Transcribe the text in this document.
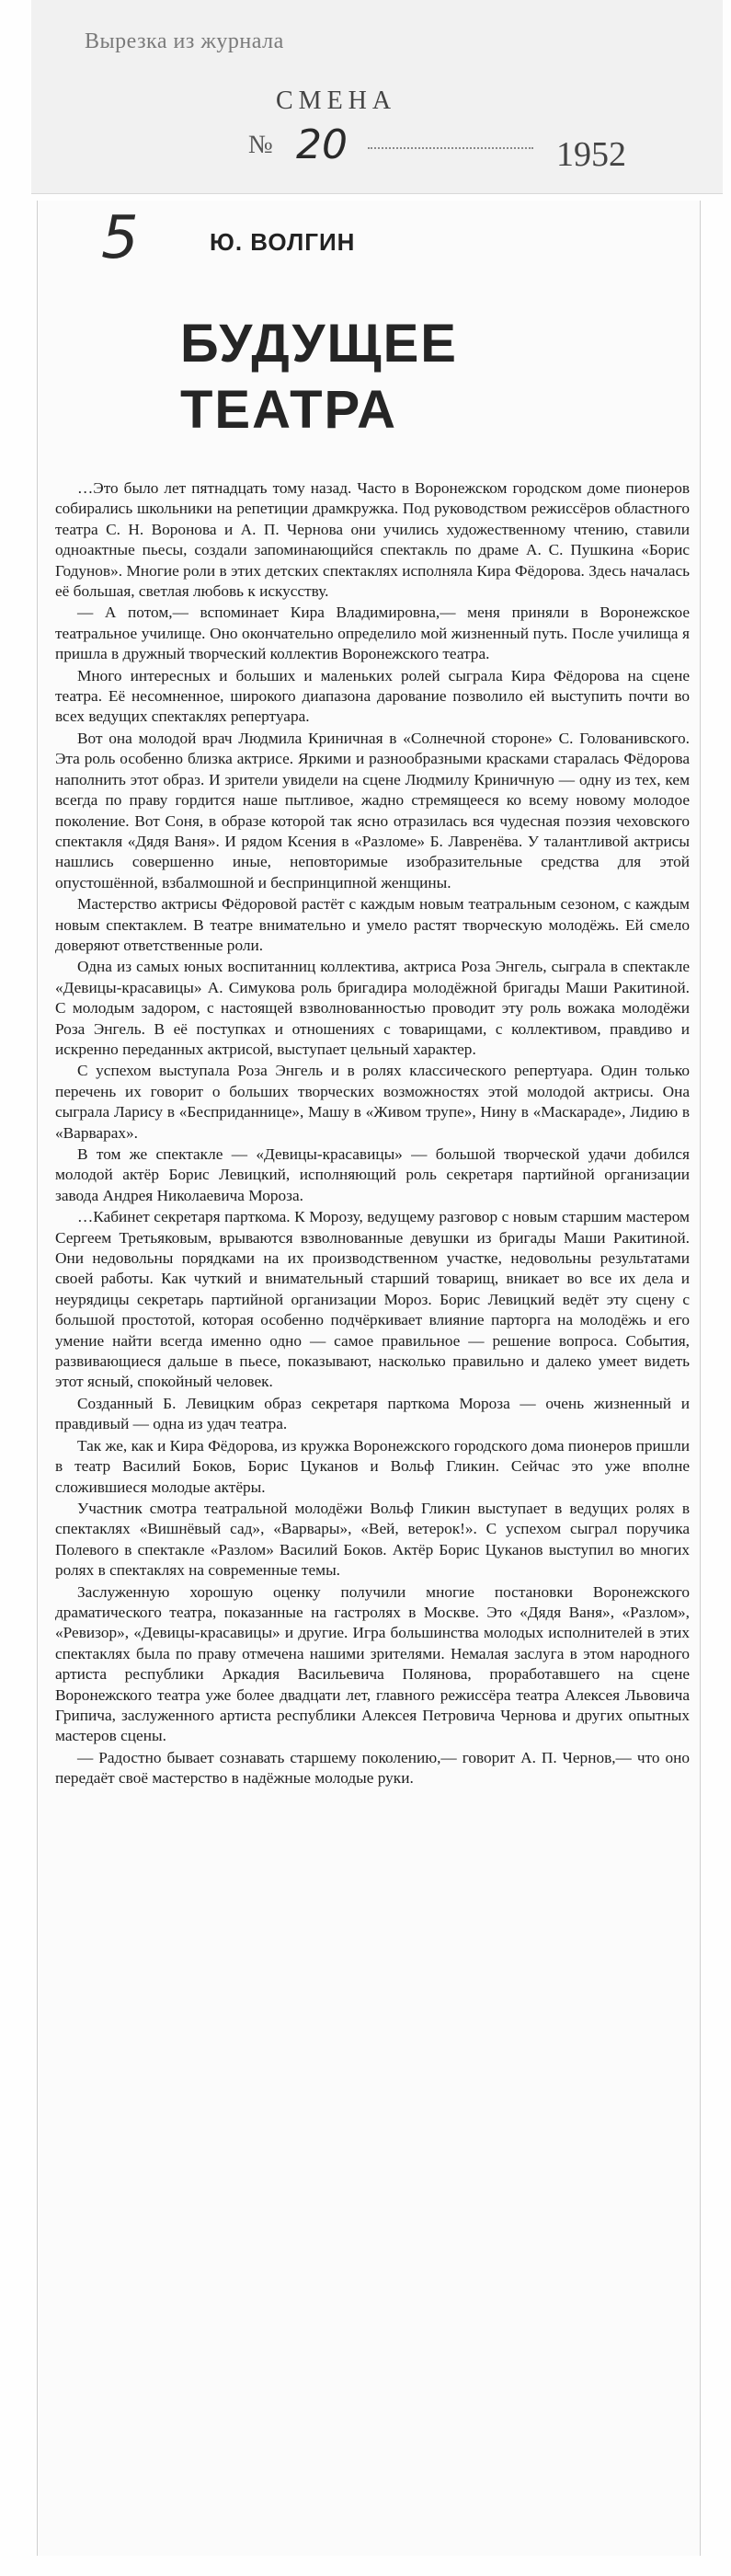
Вырезка из журнала
СМЕНА
№ 20	1952
5	Ю. ВОЛГИН
БУДУЩЕЕ
ТЕАТРА

…Это было лет пятнадцать тому назад. Часто в Воронежском городском доме пионеров собирались школьники на репетиции драмкружка. Под руководством режиссёров областного театра С. Н. Воронова и А. П. Чернова они учились художественному чтению, ставили одноактные пьесы, создали запоминающийся спектакль по драме А. С. Пушкина «Борис Годунов». Многие роли в этих детских спектаклях исполняла Кира Фёдорова. Здесь началась её большая, светлая любовь к искусству.

— А потом,— вспоминает Кира Владимировна,— меня приняли в Воронежское театральное училище. Оно окончательно определило мой жизненный путь. После училища я пришла в дружный творческий коллектив Воронежского театра.

Много интересных и больших и маленьких ролей сыграла Кира Фёдорова на сцене театра. Её несомненное, широкого диапазона дарование позволило ей выступить почти во всех ведущих спектаклях репертуара.

Вот она молодой врач Людмила Криничная в «Солнечной стороне» С. Голованивского. Эта роль особенно близка актрисе. Яркими и разнообразными красками старалась Фёдорова наполнить этот образ. И зрители увидели на сцене Людмилу Криничную — одну из тех, кем всегда по праву гордится наше пытливое, жадно стремящееся ко всему новому молодое поколение. Вот Соня, в образе которой так ясно отразилась вся чудесная поэзия чеховского спектакля «Дядя Ваня». И рядом Ксения в «Разломе» Б. Лавренёва. У талантливой актрисы нашлись совершенно иные, неповторимые изобразительные средства для этой опустошённой, взбалмошной и беспринципной женщины.

Мастерство актрисы Фёдоровой растёт с каждым новым театральным сезоном, с каждым новым спектаклем. В театре внимательно и умело растят творческую молодёжь. Ей смело доверяют ответственные роли.

Одна из самых юных воспитанниц коллектива, актриса Роза Энгель, сыграла в спектакле «Девицы-красавицы» А. Симукова роль бригадира молодёжной бригады Маши Ракитиной. С молодым задором, с настоящей взволнованностью проводит эту роль вожака молодёжи Роза Энгель. В её поступках и отношениях с товарищами, с коллективом, правдиво и искренно переданных актрисой, выступает цельный характер.

С успехом выступала Роза Энгель и в ролях классического репертуара. Один только перечень их говорит о больших творческих возможностях этой молодой актрисы. Она сыграла Ларису в «Бесприданнице», Машу в «Живом трупе», Нину в «Маскараде», Лидию в «Варварах».

В том же спектакле — «Девицы-красавицы» — большой творческой удачи добился молодой актёр Борис Левицкий, исполняющий роль секретаря партийной организации завода Андрея Николаевича Мороза.

…Кабинет секретаря парткома. К Морозу, ведущему разговор с новым старшим мастером Сергеем Третьяковым, врываются взволнованные девушки из бригады Маши Ракитиной. Они недовольны порядками на их производственном участке, недовольны результатами своей работы. Как чуткий и внимательный старший товарищ, вникает во все их дела и неурядицы секретарь партийной организации Мороз. Борис Левицкий ведёт эту сцену с большой простотой, которая особенно подчёркивает влияние парторга на молодёжь и его умение найти всегда именно одно — самое правильное — решение вопроса. События, развивающиеся дальше в пьесе, показывают, насколько правильно и далеко умеет видеть этот ясный, спокойный человек.

Созданный Б. Левицким образ секретаря парткома Мороза — очень жизненный и правдивый — одна из удач театра.

Так же, как и Кира Фёдорова, из кружка Воронежского городского дома пионеров пришли в театр Василий Боков, Борис Цуканов и Вольф Гликин. Сейчас это уже вполне сложившиеся молодые актёры.

Участник смотра театральной молодёжи Вольф Гликин выступает в ведущих ролях в спектаклях «Вишнёвый сад», «Варвары», «Вей, ветерок!». С успехом сыграл поручика Полевого в спектакле «Разлом» Василий Боков. Актёр Борис Цуканов выступил во многих ролях в спектаклях на современные темы.

Заслуженную хорошую оценку получили многие постановки Воронежского драматического театра, показанные на гастролях в Москве. Это «Дядя Ваня», «Разлом», «Ревизор», «Девицы-красавицы» и другие. Игра большинства молодых исполнителей в этих спектаклях была по праву отмечена нашими зрителями. Немалая заслуга в этом народного артиста республики Аркадия Васильевича Полянова, проработавшего на сцене Воронежского театра уже более двадцати лет, главного режиссёра театра Алексея Львовича Грипича, заслуженного артиста республики Алексея Петровича Чернова и других опытных мастеров сцены.

— Радостно бывает сознавать старшему поколению,— говорит А. П. Чернов,— что оно передаёт своё мастерство в надёжные молодые руки.
